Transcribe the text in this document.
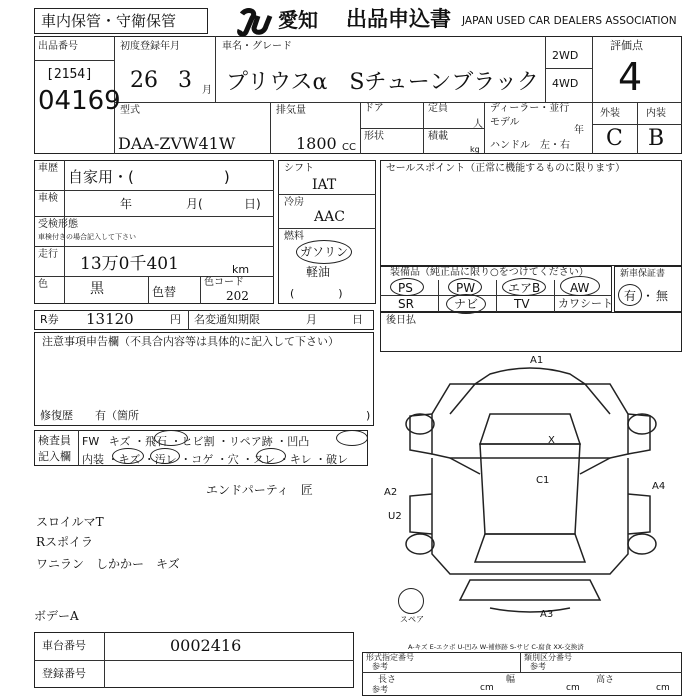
車内保管・守衛保管	愛知 出品申込書 JAPAN USED CAR DEALERS ASSOCIATION
出品番号
[2154]
04169
初度登録年月
26 3 月
車名・グレード
プリウスα　Sチューンブラック
2WD
4WD
評価点
4
外装	内装
C B
型式
DAA-ZVW41W
排気量
1800 CC
ドア	定員
人
形状	積載
kg
ディーラー・並行
モデル
年
ハンドル　左・右
車歴 自家用・(　　　　　　)
車検	年	月(	日)
受検形態
車検付きの場合記入して下さい
走行 13万0千401	km
色	黒	色替
色コード
202
シフト
IAT
冷房
AAC
燃料
ガソリン
軽油
(　　　　)
セールスポイント（正常に機能するものに限ります）
装備品（純正品に限り○をつけてください）
PS	PW	エアB AW
SR	ナビ	TV	カワシート
新車保証書
有 ・ 無
R券 13120	円 名変通知期限	月	日 後日払
注意事項申告欄（不具合内容等は具体的に記入して下さい）
修復歴　　有（箇所	)
検査員
記入欄
FW キズ ・飛石 ・ヒビ割 ・リペア跡 ・凹凸
内装 ・キズ ・汚レ ・コゲ ・穴 ・スレ ・キレ ・破レ
エンドパーティ　匠
スロイルマT
Rスポイラ
ワニラン　しかかー　キズ
ボデーA
車台番号	0002416
登録番号
A1
A2
A4
A3
U2
C1
X
スペア
A-キズ E-エクボ U-凹み W-補修跡 S-サビ C-腐食 XX-交換済
形式指定番号
参考
類別区分番号
参考
長さ
参考	cm
幅
cm
高さ
cm
